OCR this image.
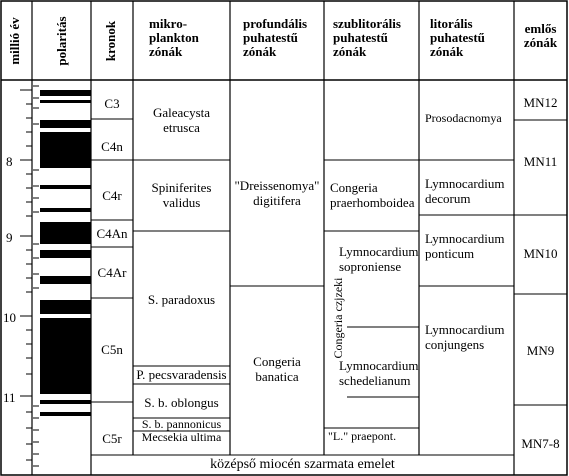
millió év polaritás	kronok mikro-
plankton
zónák
profundális
puhatestű
zónák
szublitorális
puhatestű
zónák
litorális
puhatestű
zónák
emlős
zónák
8
9
10
11
C3
C4n
C4r
C4An
C4Ar
C5n
C5r
Galeacysta
etrusca
Spiniferites
validus
S. paradoxus
P. pecsvaradensis
S. b. oblongus
S. b. pannonicus
Mecsekia ultima
"Dreissenomya"
digitifera
Congeria
banatica
Congeria
praerhomboidea
Lymnocardium
soproniense
Lymnocardium
schedelianum
"L." praepont.
Congeria czjzeki
Prosodacnomya
Lymnocardium
decorum
Lymnocardium
ponticum
Lymnocardium
conjungens
MN12
MN11
MN10
MN9
MN7-8
középső miocén szarmata emelet
